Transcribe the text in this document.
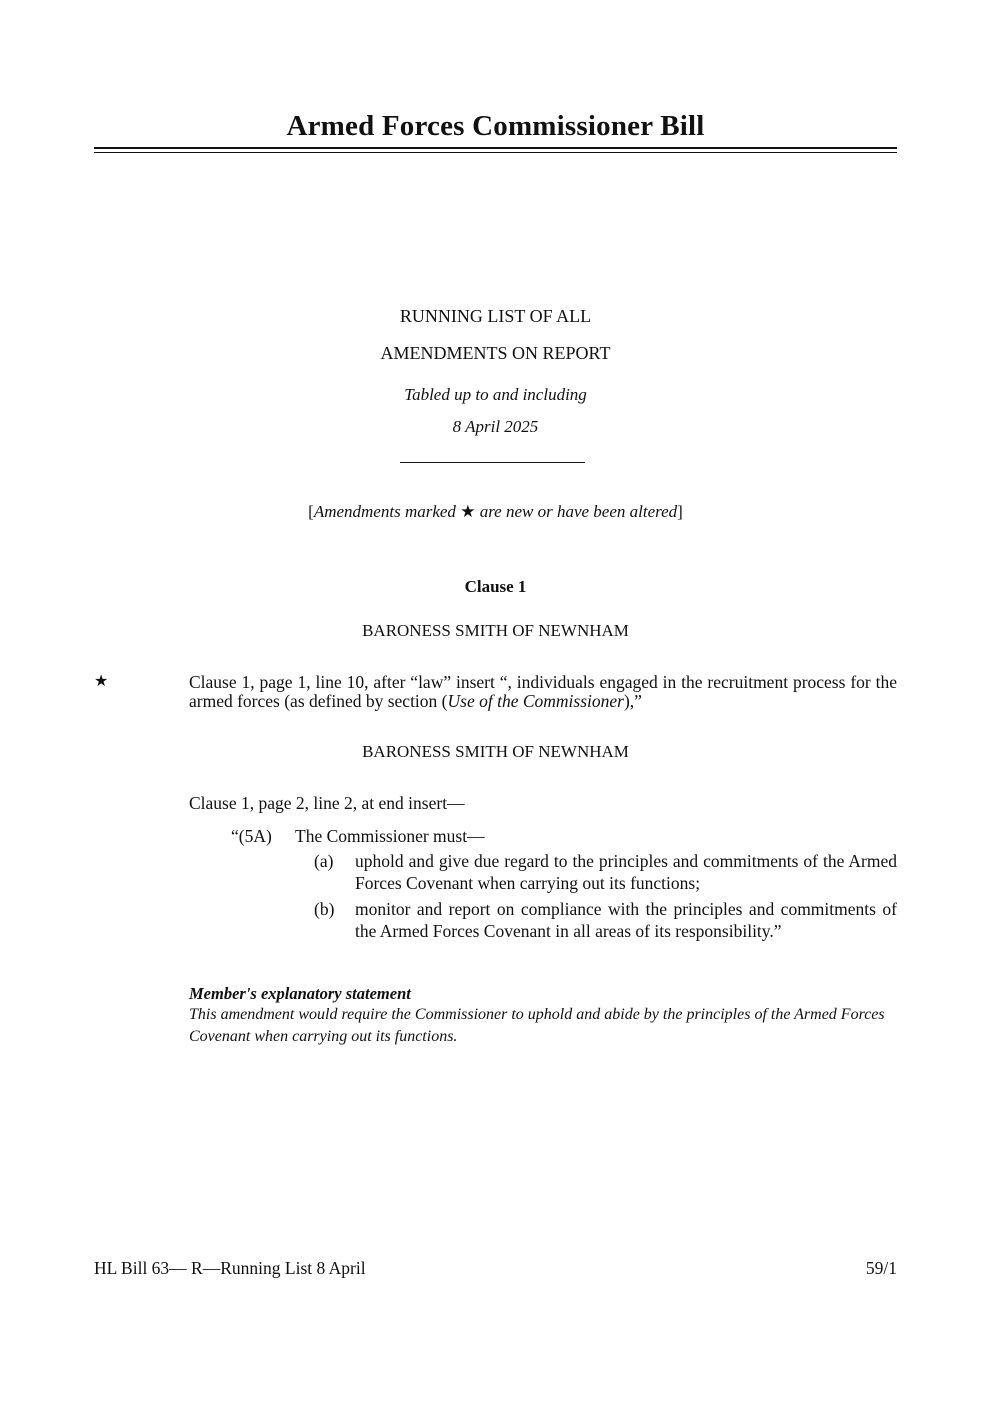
Armed Forces Commissioner Bill
RUNNING LIST OF ALL
AMENDMENTS ON REPORT
Tabled up to and including
8 April 2025
[Amendments marked ★ are new or have been altered]
Clause 1
BARONESS SMITH OF NEWNHAM
★	Clause 1, page 1, line 10, after “law” insert “, individuals engaged in the recruitment process for the armed forces (as defined by section (Use of the Commissioner),”
BARONESS SMITH OF NEWNHAM
Clause 1, page 2, line 2, at end insert—
“(5A) The Commissioner must—
(a) uphold and give due regard to the principles and commitments of the Armed Forces Covenant when carrying out its functions;
(b) monitor and report on compliance with the principles and commitments of the Armed Forces Covenant in all areas of its responsibility.”
Member's explanatory statement
This amendment would require the Commissioner to uphold and abide by the principles of the Armed Forces Covenant when carrying out its functions.
HL Bill 63— R—Running List 8 April	59/1
